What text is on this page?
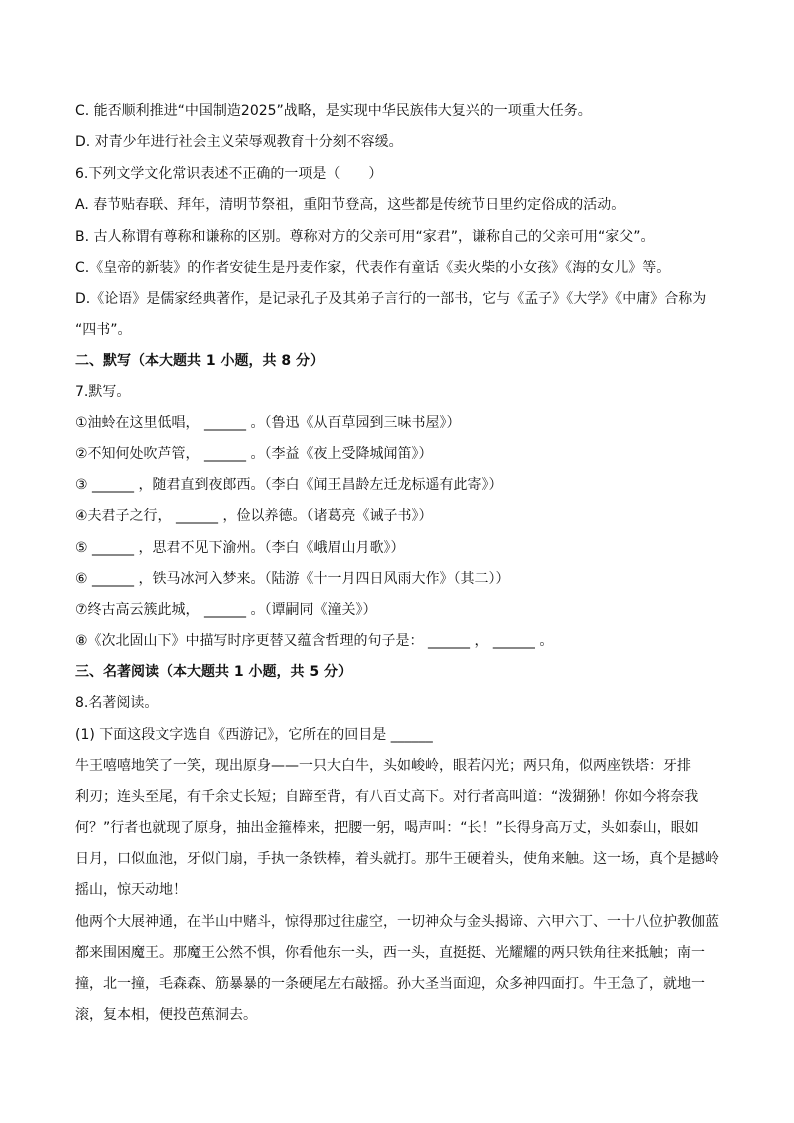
C. 能否顺利推进“中国制造2025”战略，是实现中华民族伟大复兴的一项重大任务。
D. 对青少年进行社会主义荣辱观教育十分刻不容缓。
6.下列文学文化常识表述不正确的一项是（　　）
A. 春节贴春联、拜年，清明节祭祖，重阳节登高，这些都是传统节日里约定俗成的活动。
B. 古人称谓有尊称和谦称的区别。尊称对方的父亲可用“家君”，谦称自己的父亲可用“家父”。
C.《皇帝的新装》的作者安徒生是丹麦作家，代表作有童话《卖火柴的小女孩》《海的女儿》等。
D.《论语》是儒家经典著作，是记录孔子及其弟子言行的一部书，它与《孟子》《大学》《中庸》合称为
“四书”。
二、默写（本大题共 1 小题，共 8 分）
7.默写。
①油蛉在这里低唱， ______ 。（鲁迅《从百草园到三味书屋》）
②不知何处吹芦管， ______ 。（李益《夜上受降城闻笛》）
③ ______ ，随君直到夜郎西。（李白《闻王昌龄左迁龙标遥有此寄》）
④夫君子之行， ______ ，俭以养德。（诸葛亮《诫子书》）
⑤ ______ ，思君不见下渝州。（李白《峨眉山月歌》）
⑥ ______ ，铁马冰河入梦来。（陆游《十一月四日风雨大作》（其二））
⑦终古高云簇此城， ______ 。（谭嗣同《潼关》）
⑧《次北固山下》中描写时序更替又蕴含哲理的句子是： ______ ， ______ 。
三、名著阅读（本大题共 1 小题，共 5 分）
8.名著阅读。
(1) 下面这段文字选自《西游记》，它所在的回目是 ______
牛王嘻嘻地笑了一笑，现出原身——一只大白牛，头如峻岭，眼若闪光；两只角，似两座铁塔：牙排
利刃；连头至尾，有千余丈长短；自蹄至背，有八百丈高下。对行者高叫道：“泼猢狲！你如今将奈我
何？”行者也就现了原身，抽出金箍棒来，把腰一躬，喝声叫：“长！”长得身高万丈，头如泰山，眼如
日月，口似血池，牙似门扇，手执一条铁棒，着头就打。那牛王硬着头，使角来触。这一场，真个是撼岭
摇山，惊天动地！
他两个大展神通，在半山中赌斗，惊得那过往虚空，一切神众与金头揭谛、六甲六丁、一十八位护教伽蓝
都来围困魔王。那魔王公然不惧，你看他东一头，西一头，直挺挺、光耀耀的两只铁角往来抵触；南一
撞，北一撞，毛森森、筋暴暴的一条硬尾左右敲摇。孙大圣当面迎，众多神四面打。牛王急了，就地一
滚，复本相，便投芭蕉洞去。
